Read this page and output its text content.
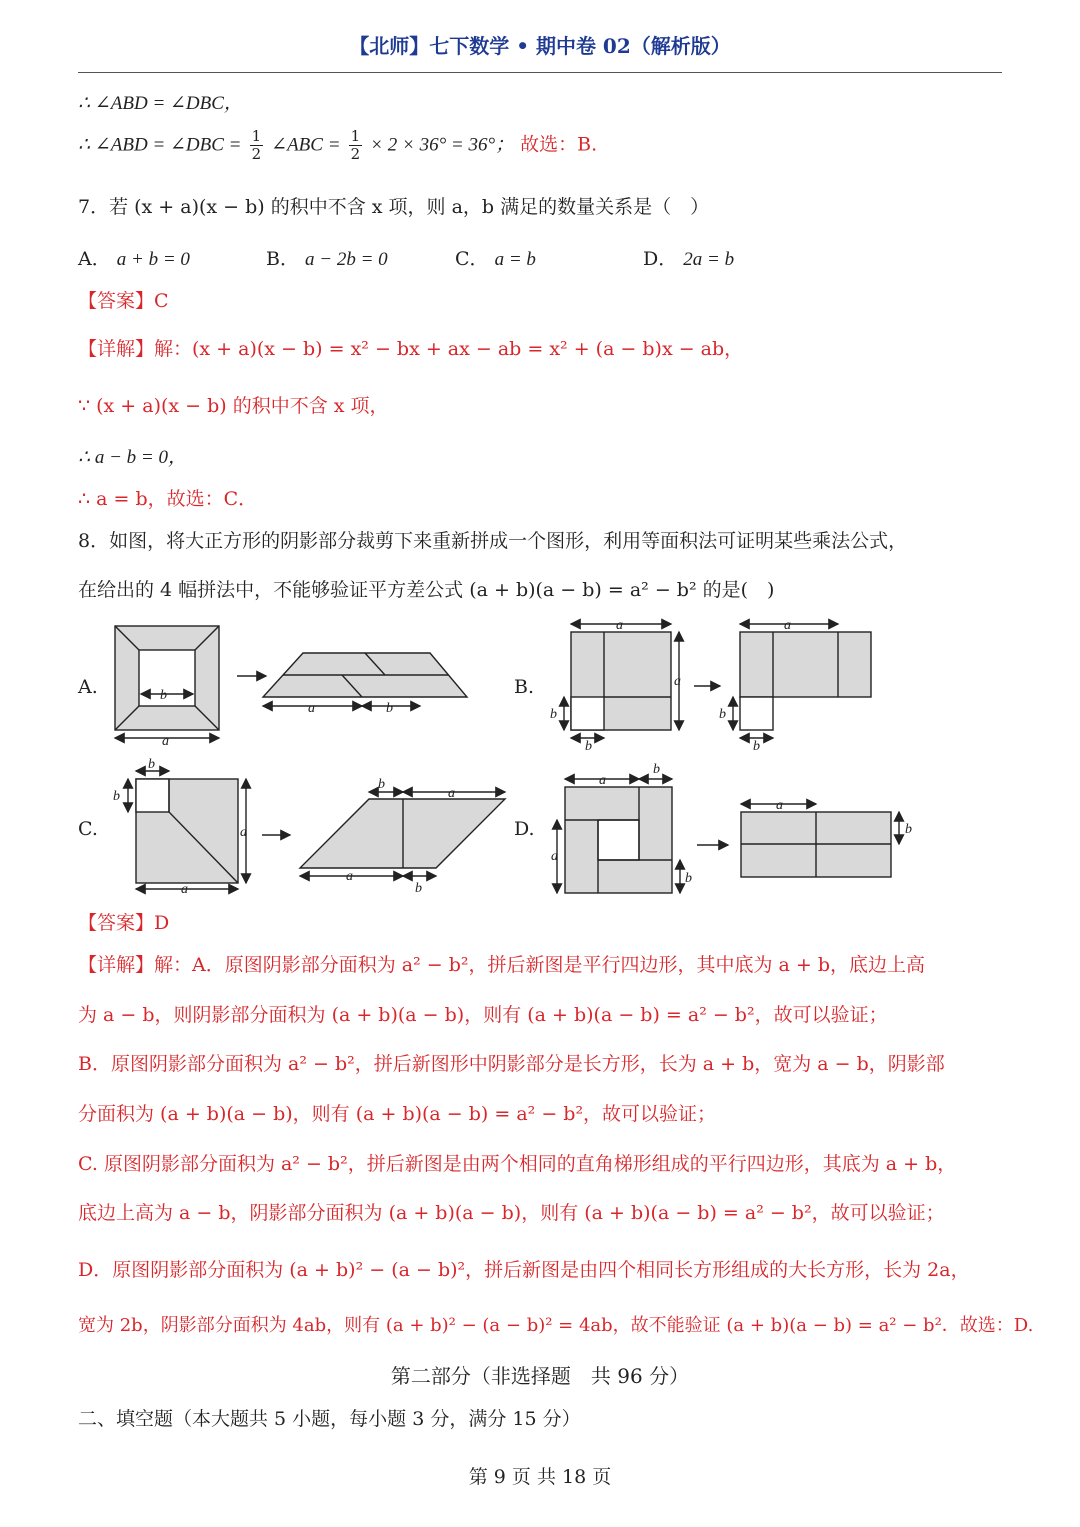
【北师】七下数学 • 期中卷 02（解析版）
∴ ∠ABD = ∠DBC，
∴ ∠ABD = ∠DBC = $\frac{1}{2}$ ∠ABC = $\frac{1}{2} \times 2 \times 36^\circ = 36^\circ$； 故选：B.
7．若 (x + a)(x − b) 的积中不含 x 项，则 a，b 满足的数量关系是（　）
A． a + b = 0	B． a − 2b = 0	C． a = b	D． 2a = b
【答案】C
【详解】解：(x + a)(x − b) = x² − bx + ax − ab = x² + (a − b)x − ab，
∵ (x + a)(x − b) 的积中不含 x 项，
∴ a − b = 0，
∴ a = b，故选：C．
8．如图，将大正方形的阴影部分裁剪下来重新拼成一个图形，利用等面积法可证明某些乘法公式，
在给出的 4 幅拼法中，不能够验证平方差公式 (a + b)(a − b) = a² − b² 的是(　)
A.	B.
C.	D.
b
a
a	b
a
a
b
b
a
b
b
b
b
a
a
b
a
a
b
a
b
a
b
a
b
【答案】D
【详解】解：A．原图阴影部分面积为 a² − b²，拼后新图是平行四边形，其中底为 a + b，底边上高
为 a − b，则阴影部分面积为 (a + b)(a − b)，则有 (a + b)(a − b) = a² − b²，故可以验证；
B．原图阴影部分面积为 a² − b²，拼后新图形中阴影部分是长方形，长为 a + b，宽为 a − b，阴影部
分面积为 (a + b)(a − b)，则有 (a + b)(a − b) = a² − b²，故可以验证；
C. 原图阴影部分面积为 a² − b²，拼后新图是由两个相同的直角梯形组成的平行四边形，其底为 a + b，
底边上高为 a − b，阴影部分面积为 (a + b)(a − b)，则有 (a + b)(a − b) = a² − b²，故可以验证；
D．原图阴影部分面积为 (a + b)² − (a − b)²，拼后新图是由四个相同长方形组成的大长方形，长为 2a，
宽为 2b，阴影部分面积为 4ab，则有 (a + b)² − (a − b)² = 4ab，故不能验证 (a + b)(a − b) = a² − b²．故选：D.
第二部分（非选择题　共 96 分）
二、填空题（本大题共 5 小题，每小题 3 分，满分 15 分）
第 9 页 共 18 页
